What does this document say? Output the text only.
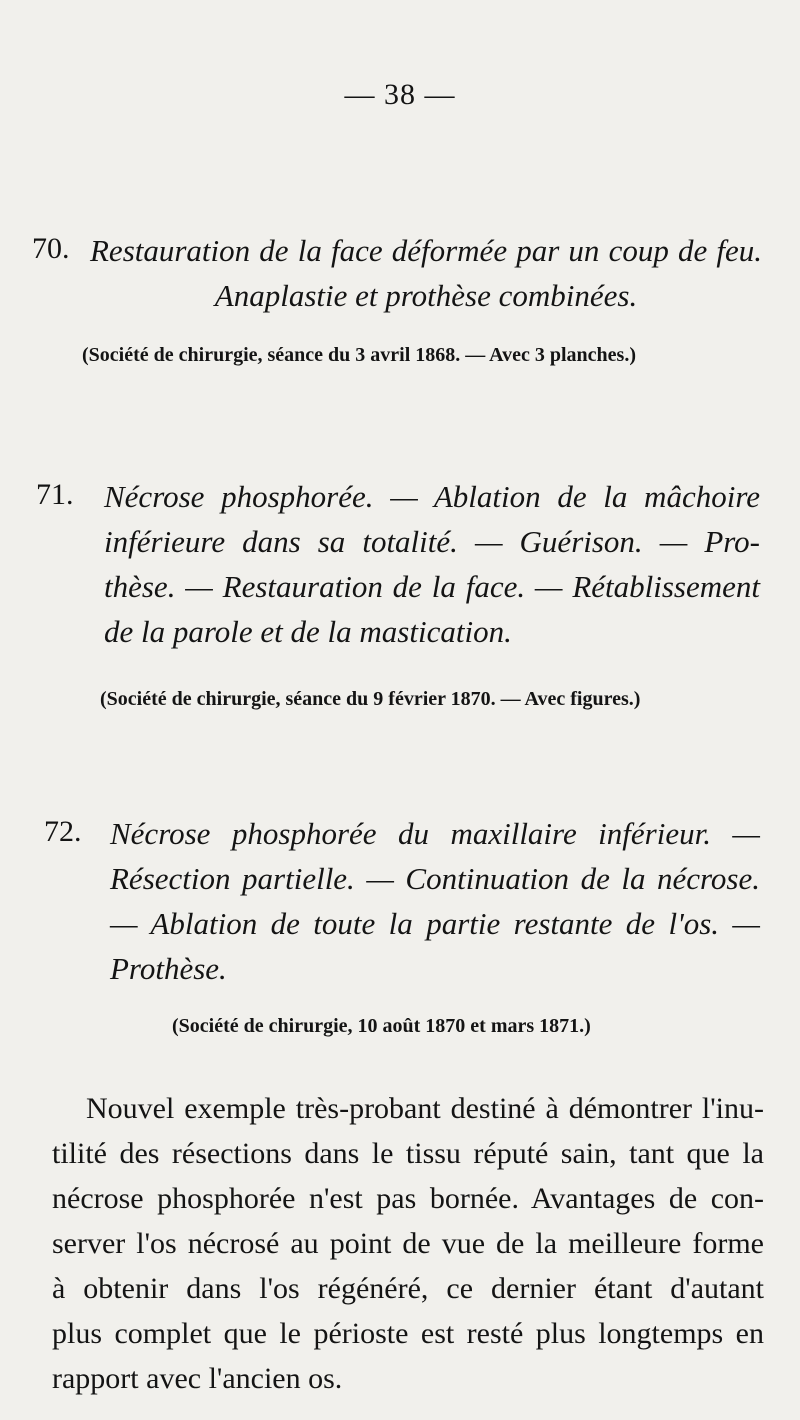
— 38 —
70. Restauration de la face déformée par un coup de feu.
Anaplastie et prothèse combinées.
(Société de chirurgie, séance du 3 avril 1868. — Avec 3 planches.)
71. Nécrose phosphorée. — Ablation de la mâchoire
inférieure dans sa totalité. — Guérison. — Pro-
thèse. — Restauration de la face. — Rétablissement
de la parole et de la mastication.
(Société de chirurgie, séance du 9 février 1870. — Avec figures.)
72. Nécrose phosphorée du maxillaire inférieur. —
Résection partielle. — Continuation de la nécrose.
— Ablation de toute la partie restante de l'os. —
Prothèse.
(Société de chirurgie, 10 août 1870 et mars 1871.)
Nouvel exemple très-probant destiné à démontrer l'inu-
tilité des résections dans le tissu réputé sain, tant que la
nécrose phosphorée n'est pas bornée. Avantages de con-
server l'os nécrosé au point de vue de la meilleure forme
à obtenir dans l'os régénéré, ce dernier étant d'autant
plus complet que le périoste est resté plus longtemps en
rapport avec l'ancien os.
